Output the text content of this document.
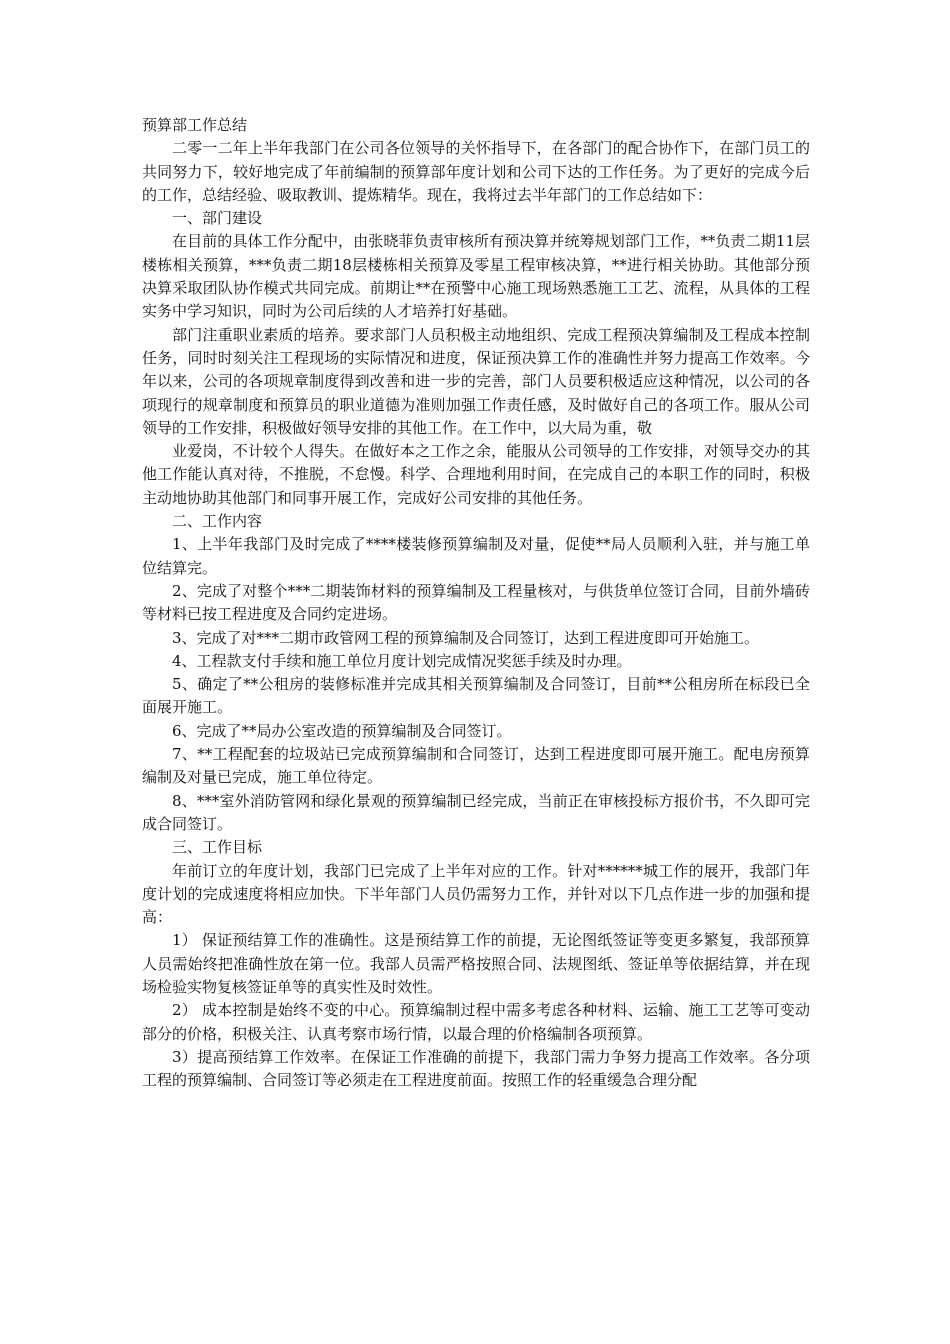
预算部工作总结

二零一二年上半年我部门在公司各位领导的关怀指导下，在各部门的配合协作下，在部门员工的共同努力下，较好地完成了年前编制的预算部年度计划和公司下达的工作任务。为了更好的完成今后的工作，总结经验、吸取教训、提炼精华。现在，我将过去半年部门的工作总结如下：

一、部门建设

在目前的具体工作分配中，由张晓菲负责审核所有预决算并统筹规划部门工作，**负责二期11层楼栋相关预算，***负责二期18层楼栋相关预算及零星工程审核决算，**进行相关协助。其他部分预决算采取团队协作模式共同完成。前期让**在预警中心施工现场熟悉施工工艺、流程，从具体的工程实务中学习知识，同时为公司后续的人才培养打好基础。

部门注重职业素质的培养。要求部门人员积极主动地组织、完成工程预决算编制及工程成本控制任务，同时时刻关注工程现场的实际情况和进度，保证预决算工作的准确性并努力提高工作效率。今年以来，公司的各项规章制度得到改善和进一步的完善，部门人员要积极适应这种情况，以公司的各项现行的规章制度和预算员的职业道德为准则加强工作责任感，及时做好自己的各项工作。服从公司领导的工作安排，积极做好领导安排的其他工作。在工作中，以大局为重，敬

业爱岗，不计较个人得失。在做好本之工作之余，能服从公司领导的工作安排，对领导交办的其他工作能认真对待，不推脱，不怠慢。科学、合理地利用时间，在完成自己的本职工作的同时，积极主动地协助其他部门和同事开展工作，完成好公司安排的其他任务。

二、工作内容

1、上半年我部门及时完成了****楼装修预算编制及对量，促使**局人员顺利入驻，并与施工单位结算完。

2、完成了对整个***二期装饰材料的预算编制及工程量核对，与供货单位签订合同，目前外墙砖等材料已按工程进度及合同约定进场。

3、完成了对***二期市政管网工程的预算编制及合同签订，达到工程进度即可开始施工。

4、工程款支付手续和施工单位月度计划完成情况奖惩手续及时办理。

5、确定了**公租房的装修标准并完成其相关预算编制及合同签订，目前**公租房所在标段已全面展开施工。

6、完成了**局办公室改造的预算编制及合同签订。

7、**工程配套的垃圾站已完成预算编制和合同签订，达到工程进度即可展开施工。配电房预算编制及对量已完成，施工单位待定。

8、***室外消防管网和绿化景观的预算编制已经完成，当前正在审核投标方报价书，不久即可完成合同签订。

三、工作目标

年前订立的年度计划，我部门已完成了上半年对应的工作。针对******城工作的展开，我部门年度计划的完成速度将相应加快。下半年部门人员仍需努力工作，并针对以下几点作进一步的加强和提高：

1） 保证预结算工作的准确性。这是预结算工作的前提，无论图纸签证等变更多繁复，我部预算人员需始终把准确性放在第一位。我部人员需严格按照合同、法规图纸、签证单等依据结算，并在现场检验实物复核签证单等的真实性及时效性。

2） 成本控制是始终不变的中心。预算编制过程中需多考虑各种材料、运输、施工工艺等可变动部分的价格，积极关注、认真考察市场行情，以最合理的价格编制各项预算。

3）提高预结算工作效率。在保证工作准确的前提下，我部门需力争努力提高工作效率。各分项工程的预算编制、合同签订等必须走在工程进度前面。按照工作的轻重缓急合理分配
